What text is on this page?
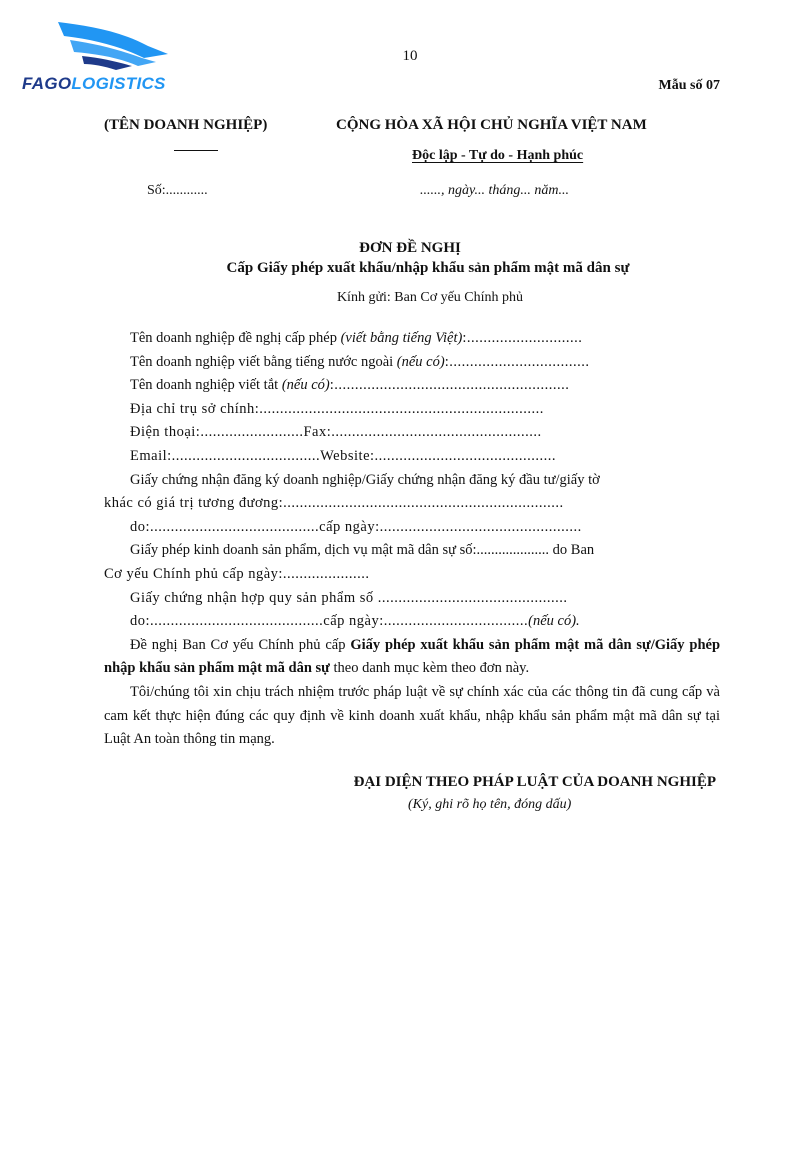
FAGOLOGISTICS
10
Mẫu số 07
(TÊN DOANH NGHIỆP)	CỘNG HÒA XÃ HỘI CHỦ NGHĨA VIỆT NAM
Độc lập - Tự do - Hạnh phúc
Số:............	......, ngày... tháng... năm...
ĐƠN ĐỀ NGHỊ
Cấp Giấy phép xuất khẩu/nhập khẩu sản phẩm mật mã dân sự
Kính gửi: Ban Cơ yếu Chính phủ
Tên doanh nghiệp đề nghị cấp phép (viết bằng tiếng Việt):............................
Tên doanh nghiệp viết bằng tiếng nước ngoài (nếu có):..................................
Tên doanh nghiệp viết tắt (nếu có):.........................................................
Địa chỉ trụ sở chính:.....................................................................
Điện thoại:.........................Fax:...................................................
Email:....................................Website:............................................
Giấy chứng nhận đăng ký doanh nghiệp/Giấy chứng nhận đăng ký đầu tư/giấy tờ
khác có giá trị tương đương:....................................................................
do:.........................................cấp ngày:.................................................
Giấy phép kinh doanh sản phẩm, dịch vụ mật mã dân sự số:.................... do Ban
Cơ yếu Chính phủ cấp ngày:.....................
Giấy chứng nhận hợp quy sản phẩm số ..............................................
do:..........................................cấp ngày:...................................(nếu có).
Đề nghị Ban Cơ yếu Chính phủ cấp Giấy phép xuất khẩu sản phẩm mật mã dân sự/Giấy phép nhập khẩu sản phẩm mật mã dân sự theo danh mục kèm theo đơn này.
Tôi/chúng tôi xin chịu trách nhiệm trước pháp luật về sự chính xác của các thông tin đã cung cấp và cam kết thực hiện đúng các quy định về kinh doanh xuất khẩu, nhập khẩu sản phẩm mật mã dân sự tại Luật An toàn thông tin mạng.
ĐẠI DIỆN THEO PHÁP LUẬT CỦA DOANH NGHIỆP
(Ký, ghi rõ họ tên, đóng dấu)
